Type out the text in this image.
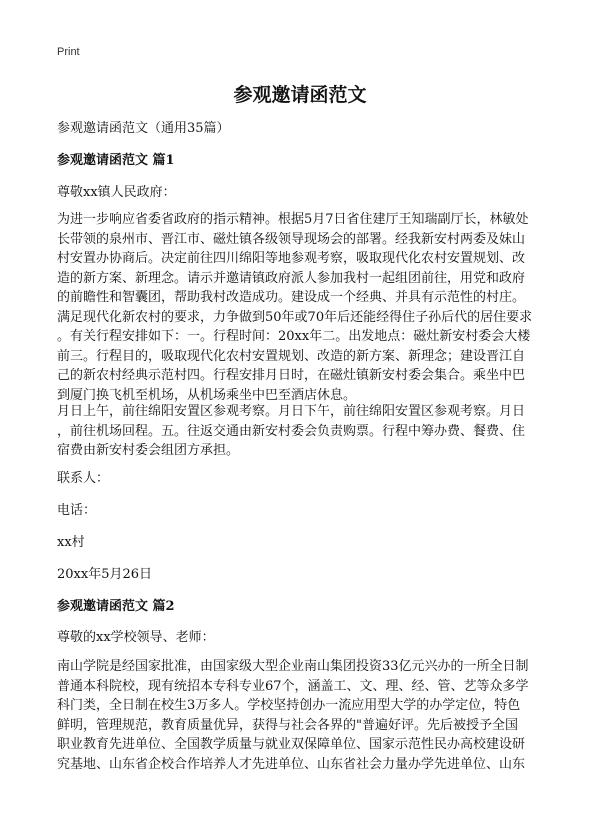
Print
参观邀请函范文
参观邀请函范文（通用35篇）
参观邀请函范文 篇1
尊敬xx镇人民政府：
为进一步响应省委省政府的指示精神。根据5月7日省住建厅王知瑞副厅长，林敏处
长带领的泉州市、晋江市、磁灶镇各级领导现场会的部署。经我新安村两委及妹山
村安置办协商后。决定前往四川绵阳等地参观考察，吸取现代化农村安置规划、改
造的新方案、新理念。请示并邀请镇政府派人参加我村一起组团前往，用党和政府
的前瞻性和智囊团，帮助我村改造成功。建设成一个经典、并具有示范性的村庄。
满足现代化新农村的要求，力争做到50年或70年后还能经得住子孙后代的居住要求
。有关行程安排如下：一。行程时间：20xx年二。出发地点：磁灶新安村委会大楼
前三。行程目的，吸取现代化农村安置规划、改造的新方案、新理念；建设晋江自
己的新农村经典示范村四。行程安排月日时，在磁灶镇新安村委会集合。乘坐中巴
到厦门换飞机至机场，从机场乘坐中巴至酒店休息。
月日上午，前往绵阳安置区参观考察。月日下午，前往绵阳安置区参观考察。月日
，前往机场回程。五。往返交通由新安村委会负责购票。行程中筹办费、餐费、住
宿费由新安村委会组团方承担。
联系人：
电话：
xx村
20xx年5月26日
参观邀请函范文 篇2
尊敬的xx学校领导、老师：
南山学院是经国家批准，由国家级大型企业南山集团投资33亿元兴办的一所全日制
普通本科院校，现有统招本专科专业67个，涵盖工、文、理、经、管、艺等众多学
科门类，全日制在校生3万多人。学校坚持创办一流应用型大学的办学定位，特色
鲜明，管理规范，教育质量优异，获得与社会各界的"普遍好评。先后被授予全国
职业教育先进单位、全国教学质量与就业双保障单位、国家示范性民办高校建设研
究基地、山东省企校合作培养人才先进单位、山东省社会力量办学先进单位、山东
